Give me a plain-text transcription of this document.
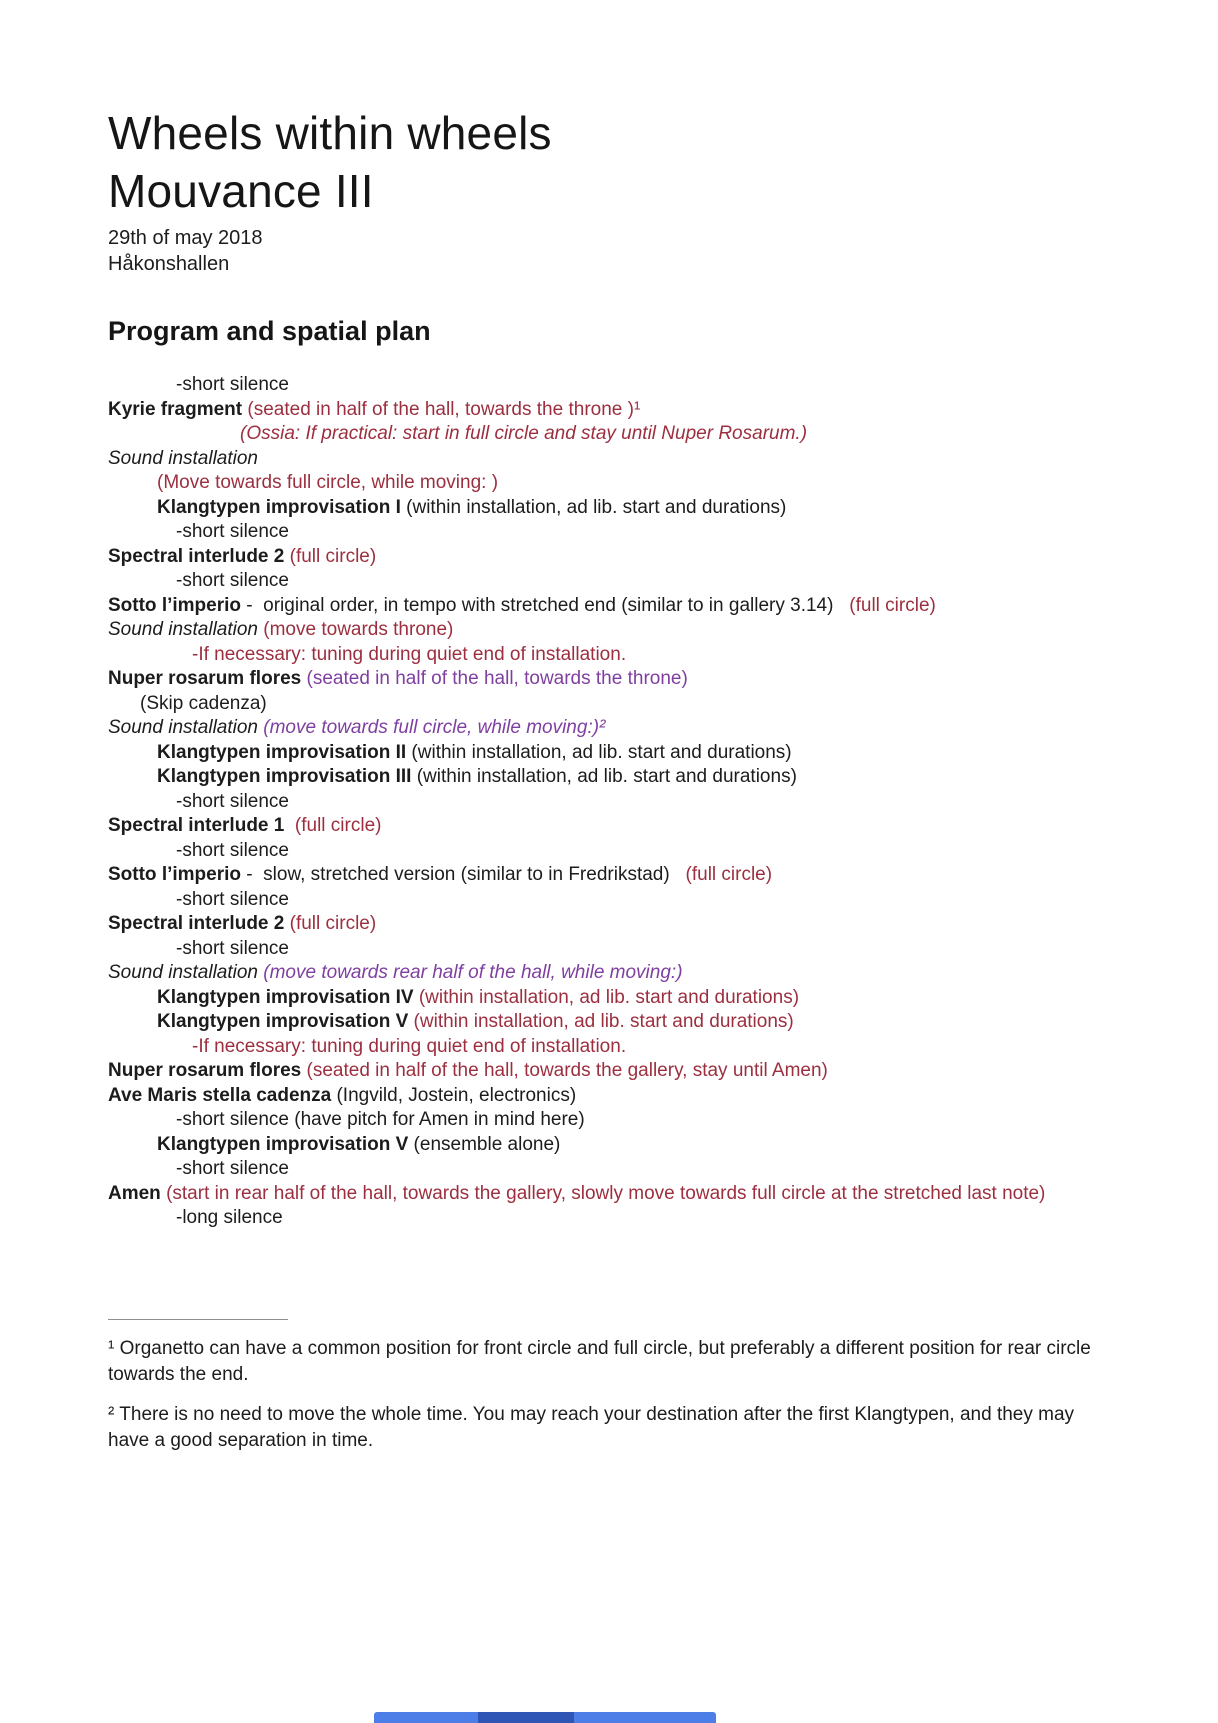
Wheels within wheels
Mouvance III
29th of may 2018
Håkonshallen
Program and spatial plan
-short silence
Kyrie fragment (seated in half of the hall, towards the throne )¹
(Ossia: If practical: start in full circle and stay until Nuper Rosarum.)
Sound installation
(Move towards full circle, while moving: )
Klangtypen improvisation I (within installation, ad lib. start and durations)
-short silence
Spectral interlude 2 (full circle)
-short silence
Sotto l’imperio -  original order, in tempo with stretched end (similar to in gallery 3.14)   (full circle)
Sound installation (move towards throne)
-If necessary: tuning during quiet end of installation.
Nuper rosarum flores (seated in half of the hall, towards the throne)
(Skip cadenza)
Sound installation (move towards full circle, while moving:)²
Klangtypen improvisation II (within installation, ad lib. start and durations)
Klangtypen improvisation III (within installation, ad lib. start and durations)
-short silence
Spectral interlude 1 (full circle)
-short silence
Sotto l’imperio -  slow, stretched version (similar to in Fredrikstad)   (full circle)
-short silence
Spectral interlude 2 (full circle)
-short silence
Sound installation (move towards rear half of the hall, while moving:)
Klangtypen improvisation IV (within installation, ad lib. start and durations)
Klangtypen improvisation V (within installation, ad lib. start and durations)
-If necessary: tuning during quiet end of installation.
Nuper rosarum flores (seated in half of the hall, towards the gallery, stay until Amen)
Ave Maris stella cadenza (Ingvild, Jostein, electronics)
-short silence (have pitch for Amen in mind here)
Klangtypen improvisation V (ensemble alone)
-short silence
Amen (start in rear half of the hall, towards the gallery, slowly move towards full circle at the stretched last note)
-long silence

¹ Organetto can have a common position for front circle and full circle, but preferably a different position for rear circle towards the end.

² There is no need to move the whole time. You may reach your destination after the first Klangtypen, and they may have a good separation in time.
